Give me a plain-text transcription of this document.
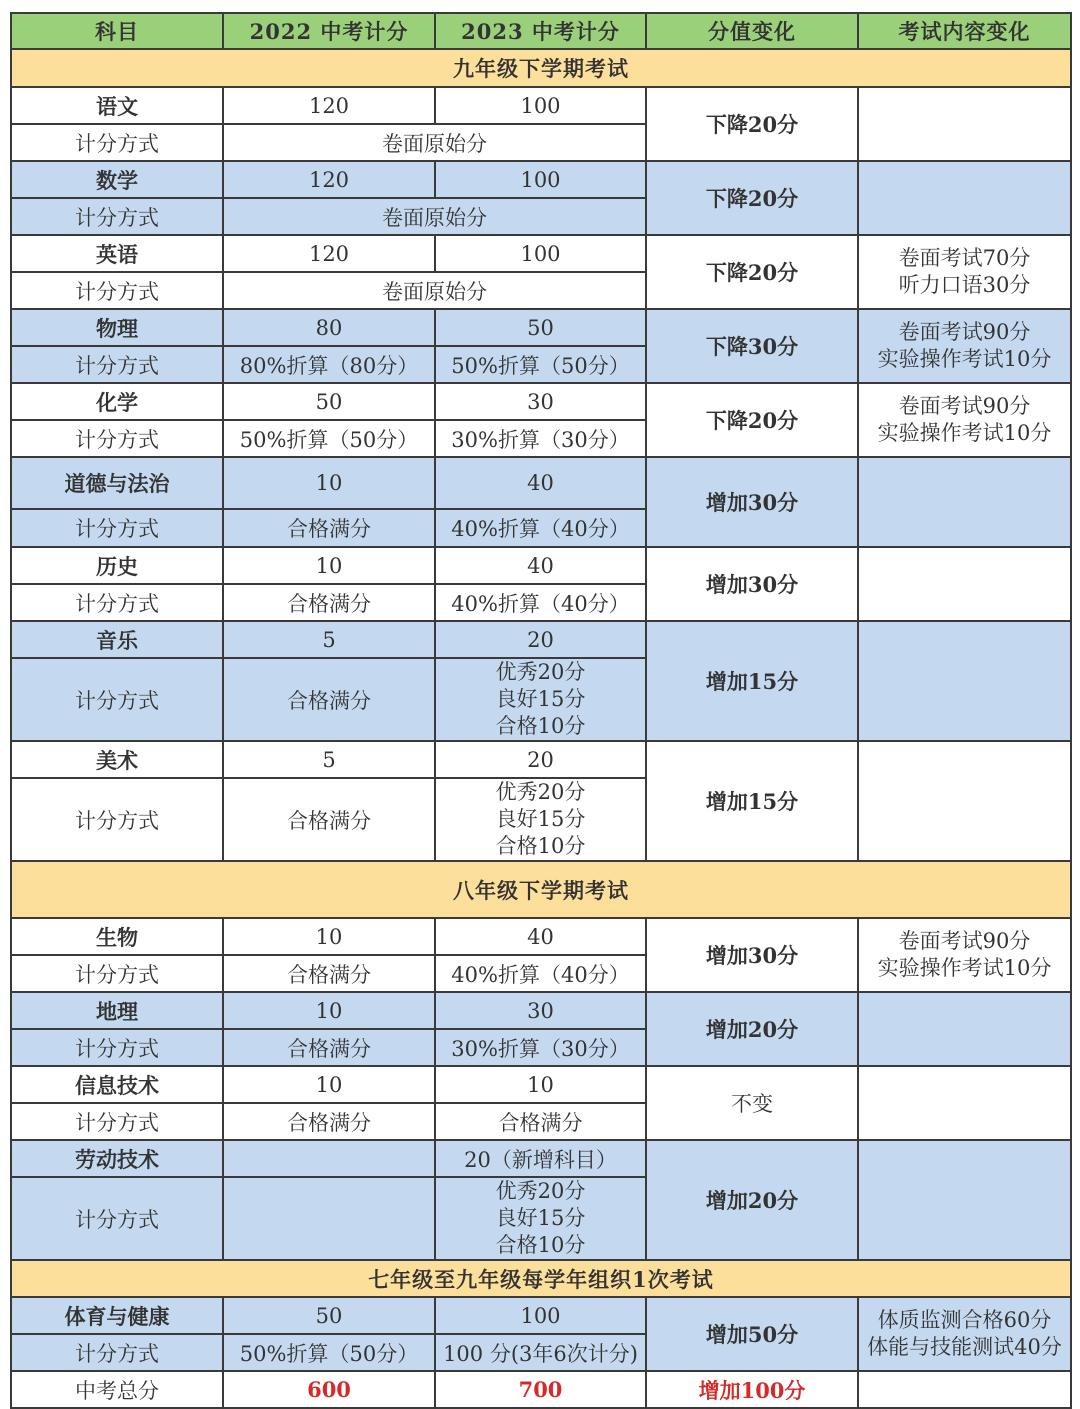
科目	2022 中考计分	2023 中考计分	分值变化	考试内容变化
九年级下学期考试				
语文	120	100	下降20分	
计分方式	卷面原始分			
数学	120	100	下降20分	
计分方式	卷面原始分			
英语	120	100	下降20分	卷面考试70分
听力口语30分

计分方式	卷面原始分			
物理	80	50	下降30分	卷面考试90分
实验操作考试10分

计分方式	80%折算（80分）	50%折算（50分）		
化学	50	30	下降20分	卷面考试90分
实验操作考试10分

计分方式	50%折算（50分）	30%折算（30分）		
道德与法治	10	40	增加30分	
计分方式	合格满分	40%折算（40分）		
历史	10	40	增加30分	
计分方式	合格满分	40%折算（40分）		
音乐	5	20	增加15分	
计分方式	合格满分	优秀20分
良好15分
合格10分		

美术	5	20	增加15分	
计分方式	合格满分	优秀20分
良好15分
合格10分		

八年级下学期考试				
生物	10	40	增加30分	卷面考试90分
实验操作考试10分

计分方式	合格满分	40%折算（40分）		
地理	10	30	增加20分	
计分方式	合格满分	30%折算（30分）		
信息技术	10	10	不变	
计分方式	合格满分	合格满分		
劳动技术		20（新增科目）	增加20分	
计分方式		优秀20分
良好15分
合格10分		

七年级至九年级每学年组织1次考试				
体育与健康	50	100	增加50分	体质监测合格60分
体能与技能测试40分

计分方式	50%折算（50分）	100 分(3年6次计分)		
中考总分	600	700	增加100分	
